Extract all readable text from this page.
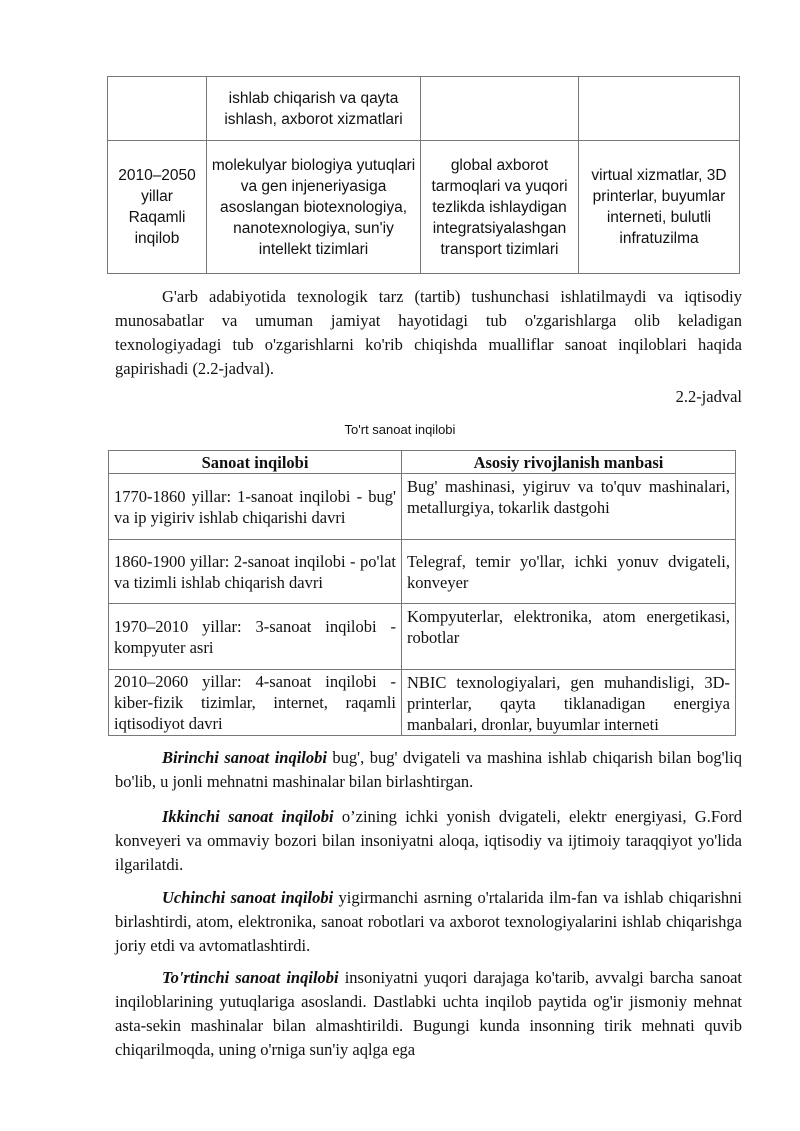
	ishlab chiqarish va qayta ishlash, axborot xizmatlari		
2010–2050 yillar Raqamli inqilob	molekulyar biologiya yutuqlari va gen injeneriyasiga asoslangan biotexnologiya, nanotexnologiya, sun'iy intellekt tizimlari	global axborot tarmoqlari va yuqori tezlikda ishlaydigan integratsiyalashgan transport tizimlari	virtual xizmatlar, 3D printerlar, buyumlar interneti, bulutli infratuzilma

G'arb adabiyotida texnologik tarz (tartib) tushunchasi ishlatilmaydi va iqtisodiy munosabatlar va umuman jamiyat hayotidagi tub o'zgarishlarga olib keladigan texnologiyadagi tub o'zgarishlarni ko'rib chiqishda mualliflar sanoat inqiloblari haqida gapirishadi (2.2-jadval).

2.2-jadval
To'rt sanoat inqilobi
Sanoat inqilobi	Asosiy rivojlanish manbasi
1770-1860 yillar: 1-sanoat inqilobi - bug' va ip yigiriv ishlab chiqarishi davri	Bug' mashinasi, yigiruv va to'quv mashinalari, metallurgiya, tokarlik dastgohi
1860-1900 yillar: 2-sanoat inqilobi - po'lat va tizimli ishlab chiqarish davri	Telegraf, temir yo'llar, ichki yonuv dvigateli, konveyer
1970–2010 yillar: 3-sanoat inqilobi - kompyuter asri	Kompyuterlar, elektronika, atom energetikasi, robotlar
2010–2060 yillar: 4-sanoat inqilobi - kiber-fizik tizimlar, internet, raqamli iqtisodiyot davri	NBIC texnologiyalari, gen muhandisligi, 3D-printerlar, qayta tiklanadigan energiya manbalari, dronlar, buyumlar interneti

Birinchi sanoat inqilobi bug', bug' dvigateli va mashina ishlab chiqarish bilan bog'liq bo'lib, u jonli mehnatni mashinalar bilan birlashtirgan.

Ikkinchi sanoat inqilobi o’zining ichki yonish dvigateli, elektr energiyasi, G.Ford konveyeri va ommaviy bozori bilan insoniyatni aloqa, iqtisodiy va ijtimoiy taraqqiyot yo'lida ilgarilatdi.

Uchinchi sanoat inqilobi yigirmanchi asrning o'rtalarida ilm-fan va ishlab chiqarishni birlashtirdi, atom, elektronika, sanoat robotlari va axborot texnologiyalarini ishlab chiqarishga joriy etdi va avtomatlashtirdi.

To'rtinchi sanoat inqilobi insoniyatni yuqori darajaga ko'tarib, avvalgi barcha sanoat inqiloblarining yutuqlariga asoslandi. Dastlabki uchta inqilob paytida og'ir jismoniy mehnat asta-sekin mashinalar bilan almashtirildi. Bugungi kunda insonning tirik mehnati quvib chiqarilmoqda, uning o'rniga sun'iy aqlga ega
